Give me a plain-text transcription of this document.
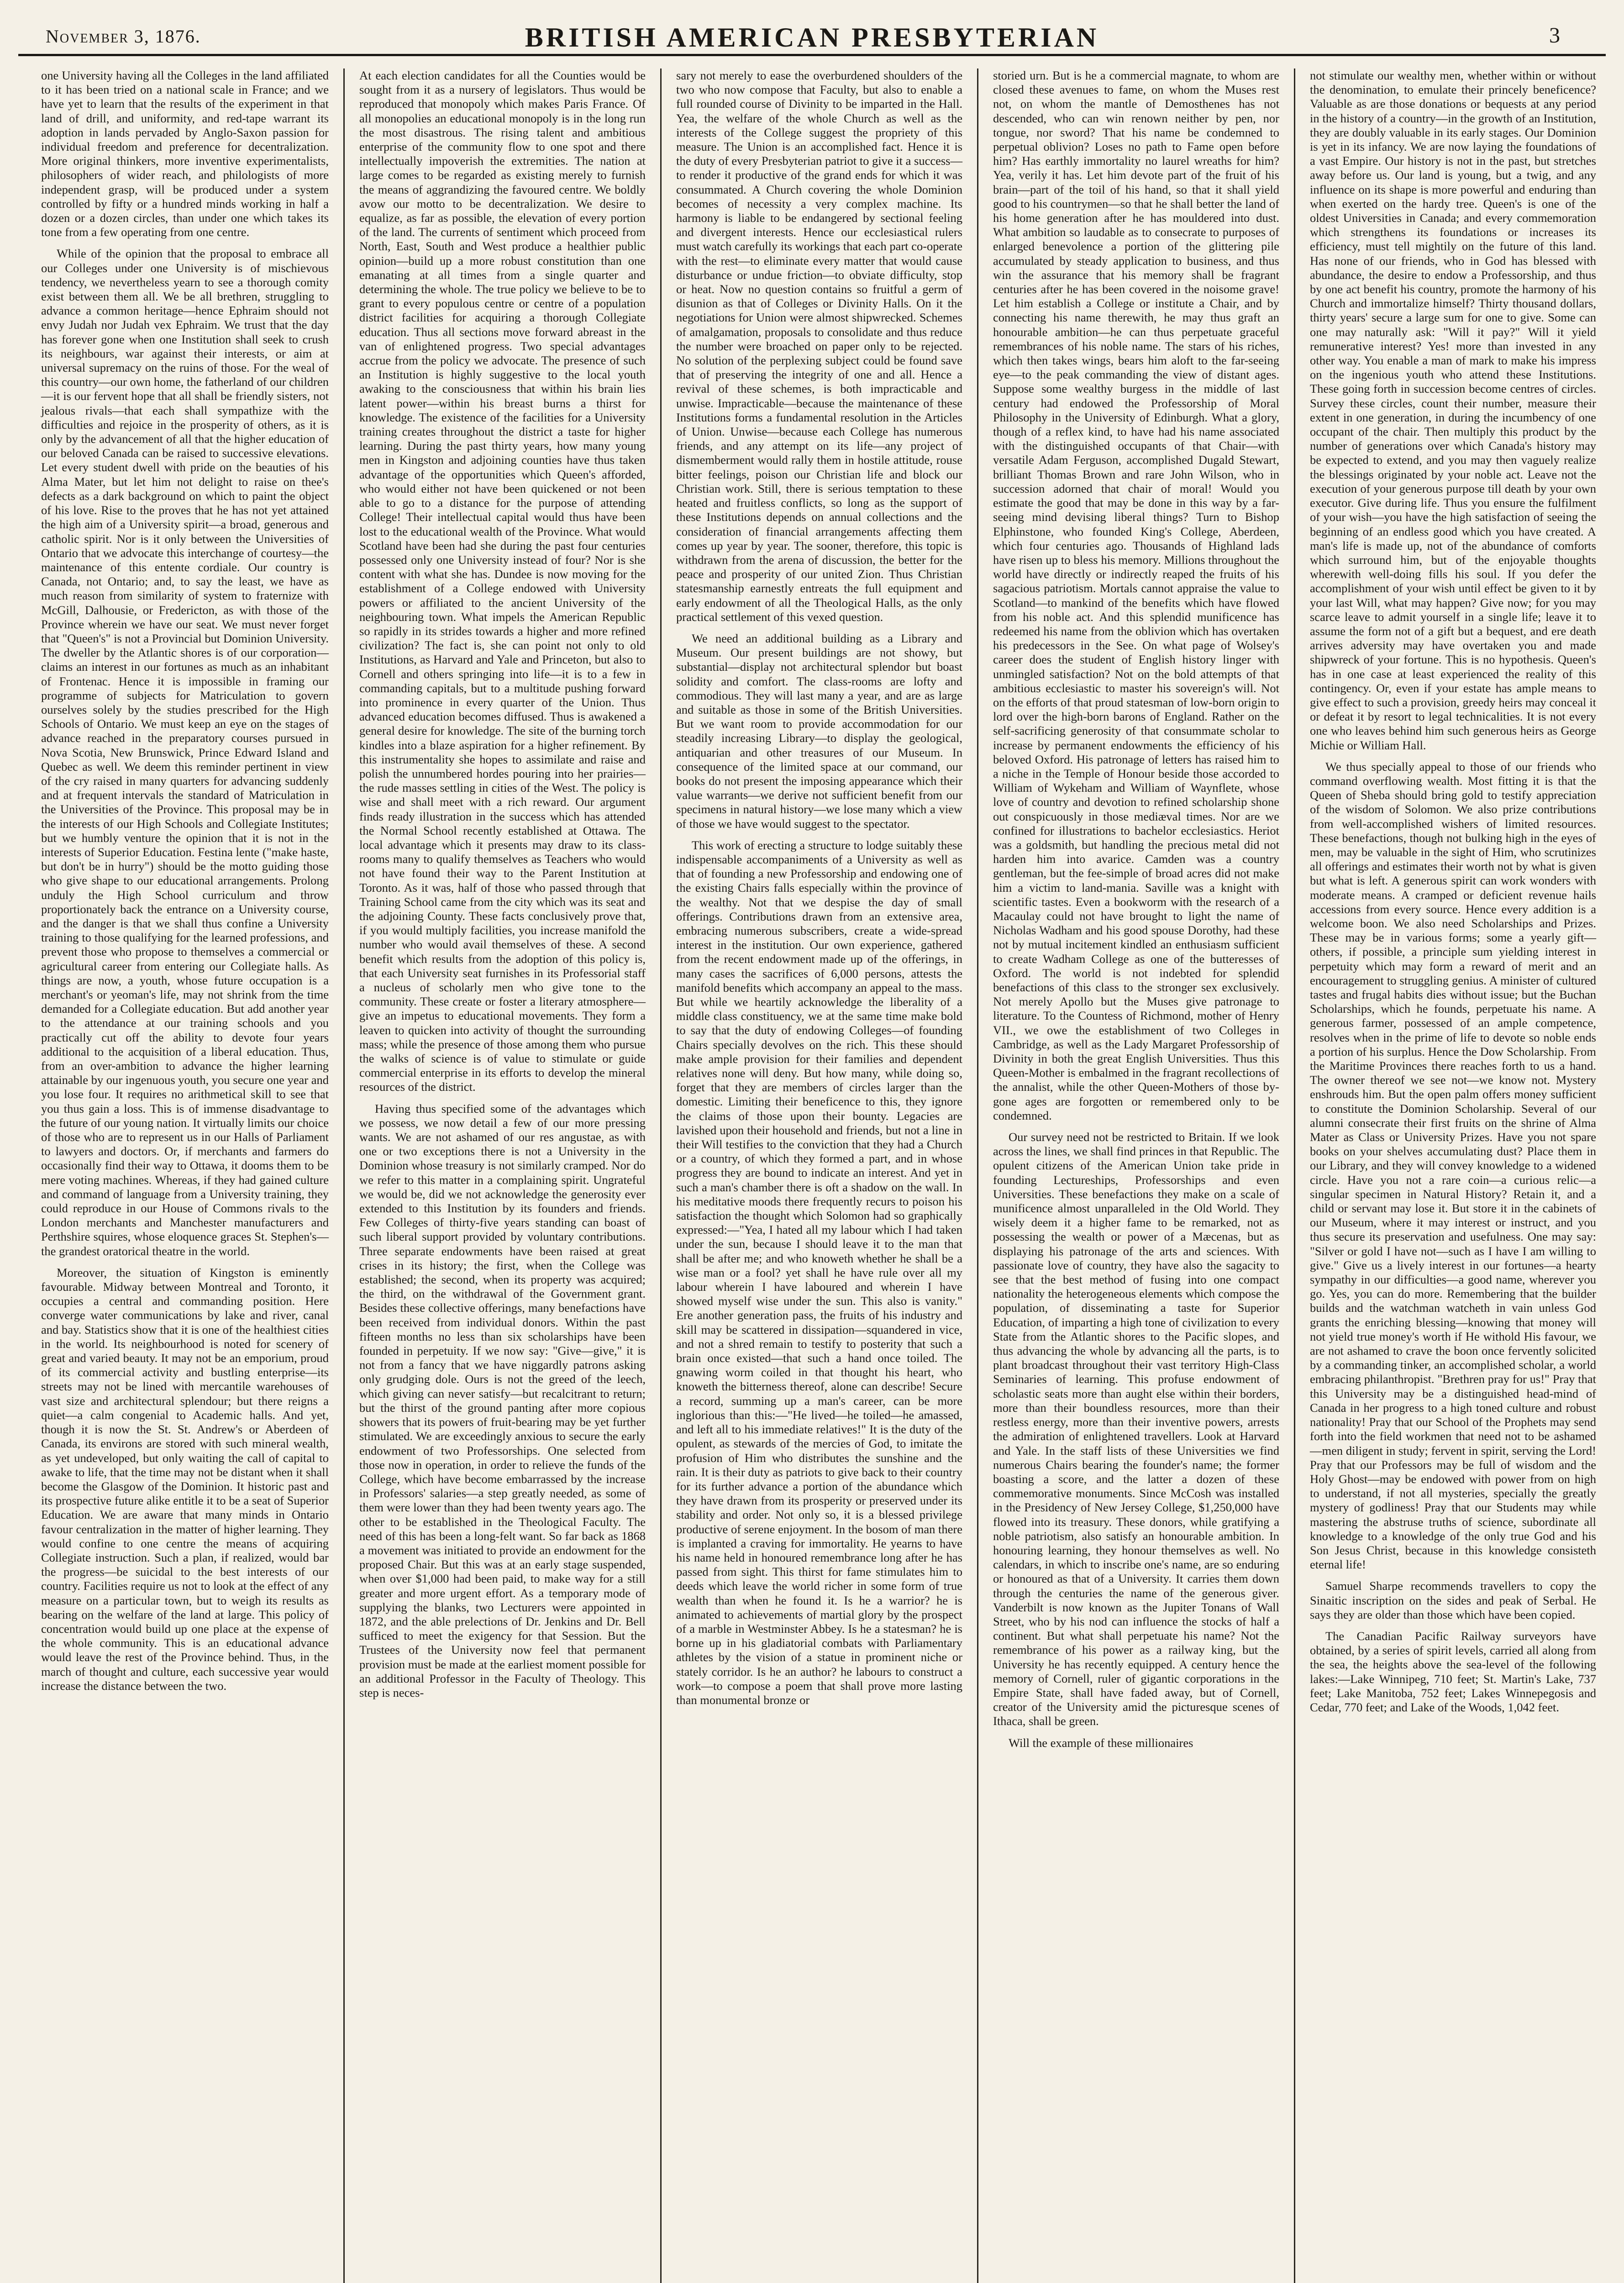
November 3, 1876.	BRITISH AMERICAN PRESBYTERIAN	3

one University having all the Colleges in the land affiliated to it has been tried on a national scale in France; and we have yet to learn that the results of the experiment in that land of drill, and uniformity, and red-tape warrant its adoption in lands pervaded by Anglo-Saxon passion for individual freedom and preference for decentralization. More original thinkers, more inventive experimentalists, philosophers of wider reach, and philologists of more independent grasp, will be produced under a system controlled by fifty or a hundred minds working in half a dozen or a dozen circles, than under one which takes its tone from a few operating from one centre.

While of the opinion that the proposal to embrace all our Colleges under one University is of mischievous tendency, we nevertheless yearn to see a thorough comity exist between them all. We be all brethren, struggling to advance a common heritage—hence Ephraim should not envy Judah nor Judah vex Ephraim. We trust that the day has forever gone when one Institution shall seek to crush its neighbours, war against their interests, or aim at universal supremacy on the ruins of those. For the weal of this country—our own home, the fatherland of our children—it is our fervent hope that all shall be friendly sisters, not jealous rivals—that each shall sympathize with the difficulties and rejoice in the prosperity of others, as it is only by the advancement of all that the higher education of our beloved Canada can be raised to successive elevations. Let every student dwell with pride on the beauties of his Alma Mater, but let him not delight to raise on thee's defects as a dark background on which to paint the object of his love. Rise to the proves that he has not yet attained the high aim of a University spirit—a broad, generous and catholic spirit. Nor is it only between the Universities of Ontario that we advocate this interchange of courtesy—the maintenance of this entente cordiale. Our country is Canada, not Ontario; and, to say the least, we have as much reason from similarity of system to fraternize with McGill, Dalhousie, or Fredericton, as with those of the Province wherein we have our seat. We must never forget that "Queen's" is not a Provincial but Dominion University. The dweller by the Atlantic shores is of our corporation—claims an interest in our fortunes as much as an inhabitant of Frontenac. Hence it is impossible in framing our programme of subjects for Matriculation to govern ourselves solely by the studies prescribed for the High Schools of Ontario. We must keep an eye on the stages of advance reached in the preparatory courses pursued in Nova Scotia, New Brunswick, Prince Edward Island and Quebec as well. We deem this reminder pertinent in view of the cry raised in many quarters for advancing suddenly and at frequent intervals the standard of Matriculation in the Universities of the Province. This proposal may be in the interests of our High Schools and Collegiate Institutes; but we humbly venture the opinion that it is not in the interests of Superior Education. Festina lente ("make haste, but don't be in hurry") should be the motto guiding those who give shape to our educational arrangements. Prolong unduly the High School curriculum and throw proportionately back the entrance on a University course, and the danger is that we shall thus confine a University training to those qualifying for the learned professions, and prevent those who propose to themselves a commercial or agricultural career from entering our Collegiate halls. As things are now, a youth, whose future occupation is a merchant's or yeoman's life, may not shrink from the time demanded for a Collegiate education. But add another year to the attendance at our training schools and you practically cut off the ability to devote four years additional to the acquisition of a liberal education. Thus, from an over-ambition to advance the higher learning attainable by our ingenuous youth, you secure one year and you lose four. It requires no arithmetical skill to see that you thus gain a loss. This is of immense disadvantage to the future of our young nation. It virtually limits our choice of those who are to represent us in our Halls of Parliament to lawyers and doctors. Or, if merchants and farmers do occasionally find their way to Ottawa, it dooms them to be mere voting machines. Whereas, if they had gained culture and command of language from a University training, they could reproduce in our House of Commons rivals to the London merchants and Manchester manufacturers and Perthshire squires, whose eloquence graces St. Stephen's—the grandest oratorical theatre in the world.

Moreover, the situation of Kingston is eminently favourable. Midway between Montreal and Toronto, it occupies a central and commanding position. Here converge water communications by lake and river, canal and bay. Statistics show that it is one of the healthiest cities in the world. Its neighbourhood is noted for scenery of great and varied beauty. It may not be an emporium, proud of its commercial activity and bustling enterprise—its streets may not be lined with mercantile warehouses of vast size and architectural splendour; but there reigns a quiet—a calm congenial to Academic halls. And yet, though it is now the St. St. Andrew's or Aberdeen of Canada, its environs are stored with such mineral wealth, as yet undeveloped, but only waiting the call of capital to awake to life, that the time may not be distant when it shall become the Glasgow of the Dominion. It historic past and its prospective future alike entitle it to be a seat of Superior Education. We are aware that many minds in Ontario favour centralization in the matter of higher learning. They would confine to one centre the means of acquiring Collegiate instruction. Such a plan, if realized, would bar the progress—be suicidal to the best interests of our country. Facilities require us not to look at the effect of any measure on a particular town, but to weigh its results as bearing on the welfare of the land at large. This policy of concentration would build up one place at the expense of the whole community. This is an educational advance would leave the rest of the Province behind. Thus, in the march of thought and culture, each successive year would increase the distance between the two.

At each election candidates for all the Counties would be sought from it as a nursery of legislators. Thus would be reproduced that monopoly which makes Paris France. Of all monopolies an educational monopoly is in the long run the most disastrous. The rising talent and ambitious enterprise of the community flow to one spot and there intellectually impoverish the extremities. The nation at large comes to be regarded as existing merely to furnish the means of aggrandizing the favoured centre. We boldly avow our motto to be decentralization. We desire to equalize, as far as possible, the elevation of every portion of the land. The currents of sentiment which proceed from North, East, South and West produce a healthier public opinion—build up a more robust constitution than one emanating at all times from a single quarter and determining the whole. The true policy we believe to be to grant to every populous centre or centre of a population district facilities for acquiring a thorough Collegiate education. Thus all sections move forward abreast in the van of enlightened progress. Two special advantages accrue from the policy we advocate. The presence of such an Institution is highly suggestive to the local youth awaking to the consciousness that within his brain lies latent power—within his breast burns a thirst for knowledge. The existence of the facilities for a University training creates throughout the district a taste for higher learning. During the past thirty years, how many young men in Kingston and adjoining counties have thus taken advantage of the opportunities which Queen's afforded, who would either not have been quickened or not been able to go to a distance for the purpose of attending College! Their intellectual capital would thus have been lost to the educational wealth of the Province. What would Scotland have been had she during the past four centuries possessed only one University instead of four? Nor is she content with what she has. Dundee is now moving for the establishment of a College endowed with University powers or affiliated to the ancient University of the neighbouring town. What impels the American Republic so rapidly in its strides towards a higher and more refined civilization? The fact is, she can point not only to old Institutions, as Harvard and Yale and Princeton, but also to Cornell and others springing into life—it is to a few in commanding capitals, but to a multitude pushing forward into prominence in every quarter of the Union. Thus advanced education becomes diffused. Thus is awakened a general desire for knowledge. The site of the burning torch kindles into a blaze aspiration for a higher refinement. By this instrumentality she hopes to assimilate and raise and polish the unnumbered hordes pouring into her prairies—the rude masses settling in cities of the West. The policy is wise and shall meet with a rich reward. Our argument finds ready illustration in the success which has attended the Normal School recently established at Ottawa. The local advantage which it presents may draw to its class-rooms many to qualify themselves as Teachers who would not have found their way to the Parent Institution at Toronto. As it was, half of those who passed through that Training School came from the city which was its seat and the adjoining County. These facts conclusively prove that, if you would multiply facilities, you increase manifold the number who would avail themselves of these. A second benefit which results from the adoption of this policy is, that each University seat furnishes in its Professorial staff a nucleus of scholarly men who give tone to the community. These create or foster a literary atmosphere—give an impetus to educational movements. They form a leaven to quicken into activity of thought the surrounding mass; while the presence of those among them who pursue the walks of science is of value to stimulate or guide commercial enterprise in its efforts to develop the mineral resources of the district.

Having thus specified some of the advantages which we possess, we now detail a few of our more pressing wants. We are not ashamed of our res angustae, as with one or two exceptions there is not a University in the Dominion whose treasury is not similarly cramped. Nor do we refer to this matter in a complaining spirit. Ungrateful we would be, did we not acknowledge the generosity ever extended to this Institution by its founders and friends. Few Colleges of thirty-five years standing can boast of such liberal support provided by voluntary contributions. Three separate endowments have been raised at great crises in its history; the first, when the College was established; the second, when its property was acquired; the third, on the withdrawal of the Government grant. Besides these collective offerings, many benefactions have been received from individual donors. Within the past fifteen months no less than six scholarships have been founded in perpetuity. If we now say: "Give—give," it is not from a fancy that we have niggardly patrons asking only grudging dole. Ours is not the greed of the leech, which giving can never satisfy—but recalcitrant to return; but the thirst of the ground panting after more copious showers that its powers of fruit-bearing may be yet further stimulated. We are exceedingly anxious to secure the early endowment of two Professorships. One selected from those now in operation, in order to relieve the funds of the College, which have become embarrassed by the increase in Professors' salaries—a step greatly needed, as some of them were lower than they had been twenty years ago. The other to be established in the Theological Faculty. The need of this has been a long-felt want. So far back as 1868 a movement was initiated to provide an endowment for the proposed Chair. But this was at an early stage suspended, when over $1,000 had been paid, to make way for a still greater and more urgent effort. As a temporary mode of supplying the blanks, two Lecturers were appointed in 1872, and the able prelections of Dr. Jenkins and Dr. Bell sufficed to meet the exigency for that Session. But the Trustees of the University now feel that permanent provision must be made at the earliest moment possible for an additional Professor in the Faculty of Theology. This step is neces-

sary not merely to ease the overburdened shoulders of the two who now compose that Faculty, but also to enable a full rounded course of Divinity to be imparted in the Hall. Yea, the welfare of the whole Church as well as the interests of the College suggest the propriety of this measure. The Union is an accomplished fact. Hence it is the duty of every Presbyterian patriot to give it a success—to render it productive of the grand ends for which it was consummated. A Church covering the whole Dominion becomes of necessity a very complex machine. Its harmony is liable to be endangered by sectional feeling and divergent interests. Hence our ecclesiastical rulers must watch carefully its workings that each part co-operate with the rest—to eliminate every matter that would cause disturbance or undue friction—to obviate difficulty, stop or heat. Now no question contains so fruitful a germ of disunion as that of Colleges or Divinity Halls. On it the negotiations for Union were almost shipwrecked. Schemes of amalgamation, proposals to consolidate and thus reduce the number were broached on paper only to be rejected. No solution of the perplexing subject could be found save that of preserving the integrity of one and all. Hence a revival of these schemes, is both impracticable and unwise. Impracticable—because the maintenance of these Institutions forms a fundamental resolution in the Articles of Union. Unwise—because each College has numerous friends, and any attempt on its life—any project of dismemberment would rally them in hostile attitude, rouse bitter feelings, poison our Christian life and block our Christian work. Still, there is serious temptation to these heated and fruitless conflicts, so long as the support of these Institutions depends on annual collections and the consideration of financial arrangements affecting them comes up year by year. The sooner, therefore, this topic is withdrawn from the arena of discussion, the better for the peace and prosperity of our united Zion. Thus Christian statesmanship earnestly entreats the full equipment and early endowment of all the Theological Halls, as the only practical settlement of this vexed question.

We need an additional building as a Library and Museum. Our present buildings are not showy, but substantial—display not architectural splendor but boast solidity and comfort. The class-rooms are lofty and commodious. They will last many a year, and are as large and suitable as those in some of the British Universities. But we want room to provide accommodation for our steadily increasing Library—to display the geological, antiquarian and other treasures of our Museum. In consequence of the limited space at our command, our books do not present the imposing appearance which their value warrants—we derive not sufficient benefit from our specimens in natural history—we lose many which a view of those we have would suggest to the spectator.

This work of erecting a structure to lodge suitably these indispensable accompaniments of a University as well as that of founding a new Professorship and endowing one of the existing Chairs falls especially within the province of the wealthy. Not that we despise the day of small offerings. Contributions drawn from an extensive area, embracing numerous subscribers, create a wide-spread interest in the institution. Our own experience, gathered from the recent endowment made up of the offerings, in many cases the sacrifices of 6,000 persons, attests the manifold benefits which accompany an appeal to the mass. But while we heartily acknowledge the liberality of a middle class constituency, we at the same time make bold to say that the duty of endowing Colleges—of founding Chairs specially devolves on the rich. This these should make ample provision for their families and dependent relatives none will deny. But how many, while doing so, forget that they are members of circles larger than the domestic. Limiting their beneficence to this, they ignore the claims of those upon their bounty. Legacies are lavished upon their household and friends, but not a line in their Will testifies to the conviction that they had a Church or a country, of which they formed a part, and in whose progress they are bound to indicate an interest. And yet in such a man's chamber there is oft a shadow on the wall. In his meditative moods there frequently recurs to poison his satisfaction the thought which Solomon had so graphically expressed:—"Yea, I hated all my labour which I had taken under the sun, because I should leave it to the man that shall be after me; and who knoweth whether he shall be a wise man or a fool? yet shall he have rule over all my labour wherein I have laboured and wherein I have showed myself wise under the sun. This also is vanity." Ere another generation pass, the fruits of his industry and skill may be scattered in dissipation—squandered in vice, and not a shred remain to testify to posterity that such a brain once existed—that such a hand once toiled. The gnawing worm coiled in that thought his heart, who knoweth the bitterness thereof, alone can describe! Secure a record, summing up a man's career, can be more inglorious than this:—"He lived—he toiled—he amassed, and left all to his immediate relatives!" It is the duty of the opulent, as stewards of the mercies of God, to imitate the profusion of Him who distributes the sunshine and the rain. It is their duty as patriots to give back to their country for its further advance a portion of the abundance which they have drawn from its prosperity or preserved under its stability and order. Not only so, it is a blessed privilege productive of serene enjoyment. In the bosom of man there is implanted a craving for immortality. He yearns to have his name held in honoured remembrance long after he has passed from sight. This thirst for fame stimulates him to deeds which leave the world richer in some form of true wealth than when he found it. Is he a warrior? he is animated to achievements of martial glory by the prospect of a marble in Westminster Abbey. Is he a statesman? he is borne up in his gladiatorial combats with Parliamentary athletes by the vision of a statue in prominent niche or stately corridor. Is he an author? he labours to construct a work—to compose a poem that shall prove more lasting than monumental bronze or

storied urn. But is he a commercial magnate, to whom are closed these avenues to fame, on whom the Muses rest not, on whom the mantle of Demosthenes has not descended, who can win renown neither by pen, nor tongue, nor sword? That his name be condemned to perpetual oblivion? Loses no path to Fame open before him? Has earthly immortality no laurel wreaths for him? Yea, verily it has. Let him devote part of the fruit of his brain—part of the toil of his hand, so that it shall yield good to his countrymen—so that he shall better the land of his home generation after he has mouldered into dust. What ambition so laudable as to consecrate to purposes of enlarged benevolence a portion of the glittering pile accumulated by steady application to business, and thus win the assurance that his memory shall be fragrant centuries after he has been covered in the noisome grave! Let him establish a College or institute a Chair, and by connecting his name therewith, he may thus graft an honourable ambition—he can thus perpetuate graceful remembrances of his noble name. The stars of his riches, which then takes wings, bears him aloft to the far-seeing eye—to the peak commanding the view of distant ages. Suppose some wealthy burgess in the middle of last century had endowed the Professorship of Moral Philosophy in the University of Edinburgh. What a glory, though of a reflex kind, to have had his name associated with the distinguished occupants of that Chair—with versatile Adam Ferguson, accomplished Dugald Stewart, brilliant Thomas Brown and rare John Wilson, who in succession adorned that chair of moral! Would you estimate the good that may be done in this way by a far-seeing mind devising liberal things? Turn to Bishop Elphinstone, who founded King's College, Aberdeen, which four centuries ago. Thousands of Highland lads have risen up to bless his memory. Millions throughout the world have directly or indirectly reaped the fruits of his sagacious patriotism. Mortals cannot appraise the value to Scotland—to mankind of the benefits which have flowed from his noble act. And this splendid munificence has redeemed his name from the oblivion which has overtaken his predecessors in the See. On what page of Wolsey's career does the student of English history linger with unmingled satisfaction? Not on the bold attempts of that ambitious ecclesiastic to master his sovereign's will. Not on the efforts of that proud statesman of low-born origin to lord over the high-born barons of England. Rather on the self-sacrificing generosity of that consummate scholar to increase by permanent endowments the efficiency of his beloved Oxford. His patronage of letters has raised him to a niche in the Temple of Honour beside those accorded to William of Wykeham and William of Waynflete, whose love of country and devotion to refined scholarship shone out conspicuously in those mediæval times. Nor are we confined for illustrations to bachelor ecclesiastics. Heriot was a goldsmith, but handling the precious metal did not harden him into avarice. Camden was a country gentleman, but the fee-simple of broad acres did not make him a victim to land-mania. Saville was a knight with scientific tastes. Even a bookworm with the research of a Macaulay could not have brought to light the name of Nicholas Wadham and his good spouse Dorothy, had these not by mutual incitement kindled an enthusiasm sufficient to create Wadham College as one of the butteresses of Oxford. The world is not indebted for splendid benefactions of this class to the stronger sex exclusively. Not merely Apollo but the Muses give patronage to literature. To the Countess of Richmond, mother of Henry VII., we owe the establishment of two Colleges in Cambridge, as well as the Lady Margaret Professorship of Divinity in both the great English Universities. Thus this Queen-Mother is embalmed in the fragrant recollections of the annalist, while the other Queen-Mothers of those by-gone ages are forgotten or remembered only to be condemned.

Our survey need not be restricted to Britain. If we look across the lines, we shall find princes in that Republic. The opulent citizens of the American Union take pride in founding Lectureships, Professorships and even Universities. These benefactions they make on a scale of munificence almost unparalleled in the Old World. They wisely deem it a higher fame to be remarked, not as possessing the wealth or power of a Mæcenas, but as displaying his patronage of the arts and sciences. With passionate love of country, they have also the sagacity to see that the best method of fusing into one compact nationality the heterogeneous elements which compose the population, of disseminating a taste for Superior Education, of imparting a high tone of civilization to every State from the Atlantic shores to the Pacific slopes, and thus advancing the whole by advancing all the parts, is to plant broadcast throughout their vast territory High-Class Seminaries of learning. This profuse endowment of scholastic seats more than aught else within their borders, more than their boundless resources, more than their restless energy, more than their inventive powers, arrests the admiration of enlightened travellers. Look at Harvard and Yale. In the staff lists of these Universities we find numerous Chairs bearing the founder's name; the former boasting a score, and the latter a dozen of these commemorative monuments. Since McCosh was installed in the Presidency of New Jersey College, $1,250,000 have flowed into its treasury. These donors, while gratifying a noble patriotism, also satisfy an honourable ambition. In honouring learning, they honour themselves as well. No calendars, in which to inscribe one's name, are so enduring or honoured as that of a University. It carries them down through the centuries the name of the generous giver. Vanderbilt is now known as the Jupiter Tonans of Wall Street, who by his nod can influence the stocks of half a continent. But what shall perpetuate his name? Not the remembrance of his power as a railway king, but the University he has recently equipped. A century hence the memory of Cornell, ruler of gigantic corporations in the Empire State, shall have faded away, but of Cornell, creator of the University amid the picturesque scenes of Ithaca, shall be green.

Will the example of these millionaires

not stimulate our wealthy men, whether within or without the denomination, to emulate their princely beneficence? Valuable as are those donations or bequests at any period in the history of a country—in the growth of an Institution, they are doubly valuable in its early stages. Our Dominion is yet in its infancy. We are now laying the foundations of a vast Empire. Our history is not in the past, but stretches away before us. Our land is young, but a twig, and any influence on its shape is more powerful and enduring than when exerted on the hardy tree. Queen's is one of the oldest Universities in Canada; and every commemoration which strengthens its foundations or increases its efficiency, must tell mightily on the future of this land. Has none of our friends, who in God has blessed with abundance, the desire to endow a Professorship, and thus by one act benefit his country, promote the harmony of his Church and immortalize himself? Thirty thousand dollars, thirty years' secure a large sum for one to give. Some can one may naturally ask: "Will it pay?" Will it yield remunerative interest? Yes! more than invested in any other way. You enable a man of mark to make his impress on the ingenious youth who attend these Institutions. These going forth in succession become centres of circles. Survey these circles, count their number, measure their extent in one generation, in during the incumbency of one occupant of the chair. Then multiply this product by the number of generations over which Canada's history may be expected to extend, and you may then vaguely realize the blessings originated by your noble act. Leave not the execution of your generous purpose till death by your own executor. Give during life. Thus you ensure the fulfilment of your wish—you have the high satisfaction of seeing the beginning of an endless good which you have created. A man's life is made up, not of the abundance of comforts which surround him, but of the enjoyable thoughts wherewith well-doing fills his soul. If you defer the accomplishment of your wish until effect be given to it by your last Will, what may happen? Give now; for you may scarce leave to admit yourself in a single life; leave it to assume the form not of a gift but a bequest, and ere death arrives adversity may have overtaken you and made shipwreck of your fortune. This is no hypothesis. Queen's has in one case at least experienced the reality of this contingency. Or, even if your estate has ample means to give effect to such a provision, greedy heirs may conceal it or defeat it by resort to legal technicalities. It is not every one who leaves behind him such generous heirs as George Michie or William Hall.

We thus specially appeal to those of our friends who command overflowing wealth. Most fitting it is that the Queen of Sheba should bring gold to testify appreciation of the wisdom of Solomon. We also prize contributions from well-accomplished wishers of limited resources. These benefactions, though not bulking high in the eyes of men, may be valuable in the sight of Him, who scrutinizes all offerings and estimates their worth not by what is given but what is left. A generous spirit can work wonders with moderate means. A cramped or deficient revenue hails accessions from every source. Hence every addition is a welcome boon. We also need Scholarships and Prizes. These may be in various forms; some a yearly gift—others, if possible, a principle sum yielding interest in perpetuity which may form a reward of merit and an encouragement to struggling genius. A minister of cultured tastes and frugal habits dies without issue; but the Buchan Scholarships, which he founds, perpetuate his name. A generous farmer, possessed of an ample competence, resolves when in the prime of life to devote so noble ends a portion of his surplus. Hence the Dow Scholarship. From the Maritime Provinces there reaches forth to us a hand. The owner thereof we see not—we know not. Mystery enshrouds him. But the open palm offers money sufficient to constitute the Dominion Scholarship. Several of our alumni consecrate their first fruits on the shrine of Alma Mater as Class or University Prizes. Have you not spare books on your shelves accumulating dust? Place them in our Library, and they will convey knowledge to a widened circle. Have you not a rare coin—a curious relic—a singular specimen in Natural History? Retain it, and a child or servant may lose it. But store it in the cabinets of our Museum, where it may interest or instruct, and you thus secure its preservation and usefulness. One may say: "Silver or gold I have not—such as I have I am willing to give." Give us a lively interest in our fortunes—a hearty sympathy in our difficulties—a good name, wherever you go. Yes, you can do more. Remembering that the builder builds and the watchman watcheth in vain unless God grants the enriching blessing—knowing that money will not yield true money's worth if He withold His favour, we are not ashamed to crave the boon once fervently solicited by a commanding tinker, an accomplished scholar, a world embracing philanthropist. "Brethren pray for us!" Pray that this University may be a distinguished head-mind of Canada in her progress to a high toned culture and robust nationality! Pray that our School of the Prophets may send forth into the field workmen that need not to be ashamed—men diligent in study; fervent in spirit, serving the Lord! Pray that our Professors may be full of wisdom and the Holy Ghost—may be endowed with power from on high to understand, if not all mysteries, specially the greatly mystery of godliness! Pray that our Students may while mastering the abstruse truths of science, subordinate all knowledge to a knowledge of the only true God and his Son Jesus Christ, because in this knowledge consisteth eternal life!

Samuel Sharpe recommends travellers to copy the Sinaitic inscription on the sides and peak of Serbal. He says they are older than those which have been copied.

The Canadian Pacific Railway surveyors have obtained, by a series of spirit levels, carried all along from the sea, the heights above the sea-level of the following lakes:—Lake Winnipeg, 710 feet; St. Martin's Lake, 737 feet; Lake Manitoba, 752 feet; Lakes Winnepegosis and Cedar, 770 feet; and Lake of the Woods, 1,042 feet.
